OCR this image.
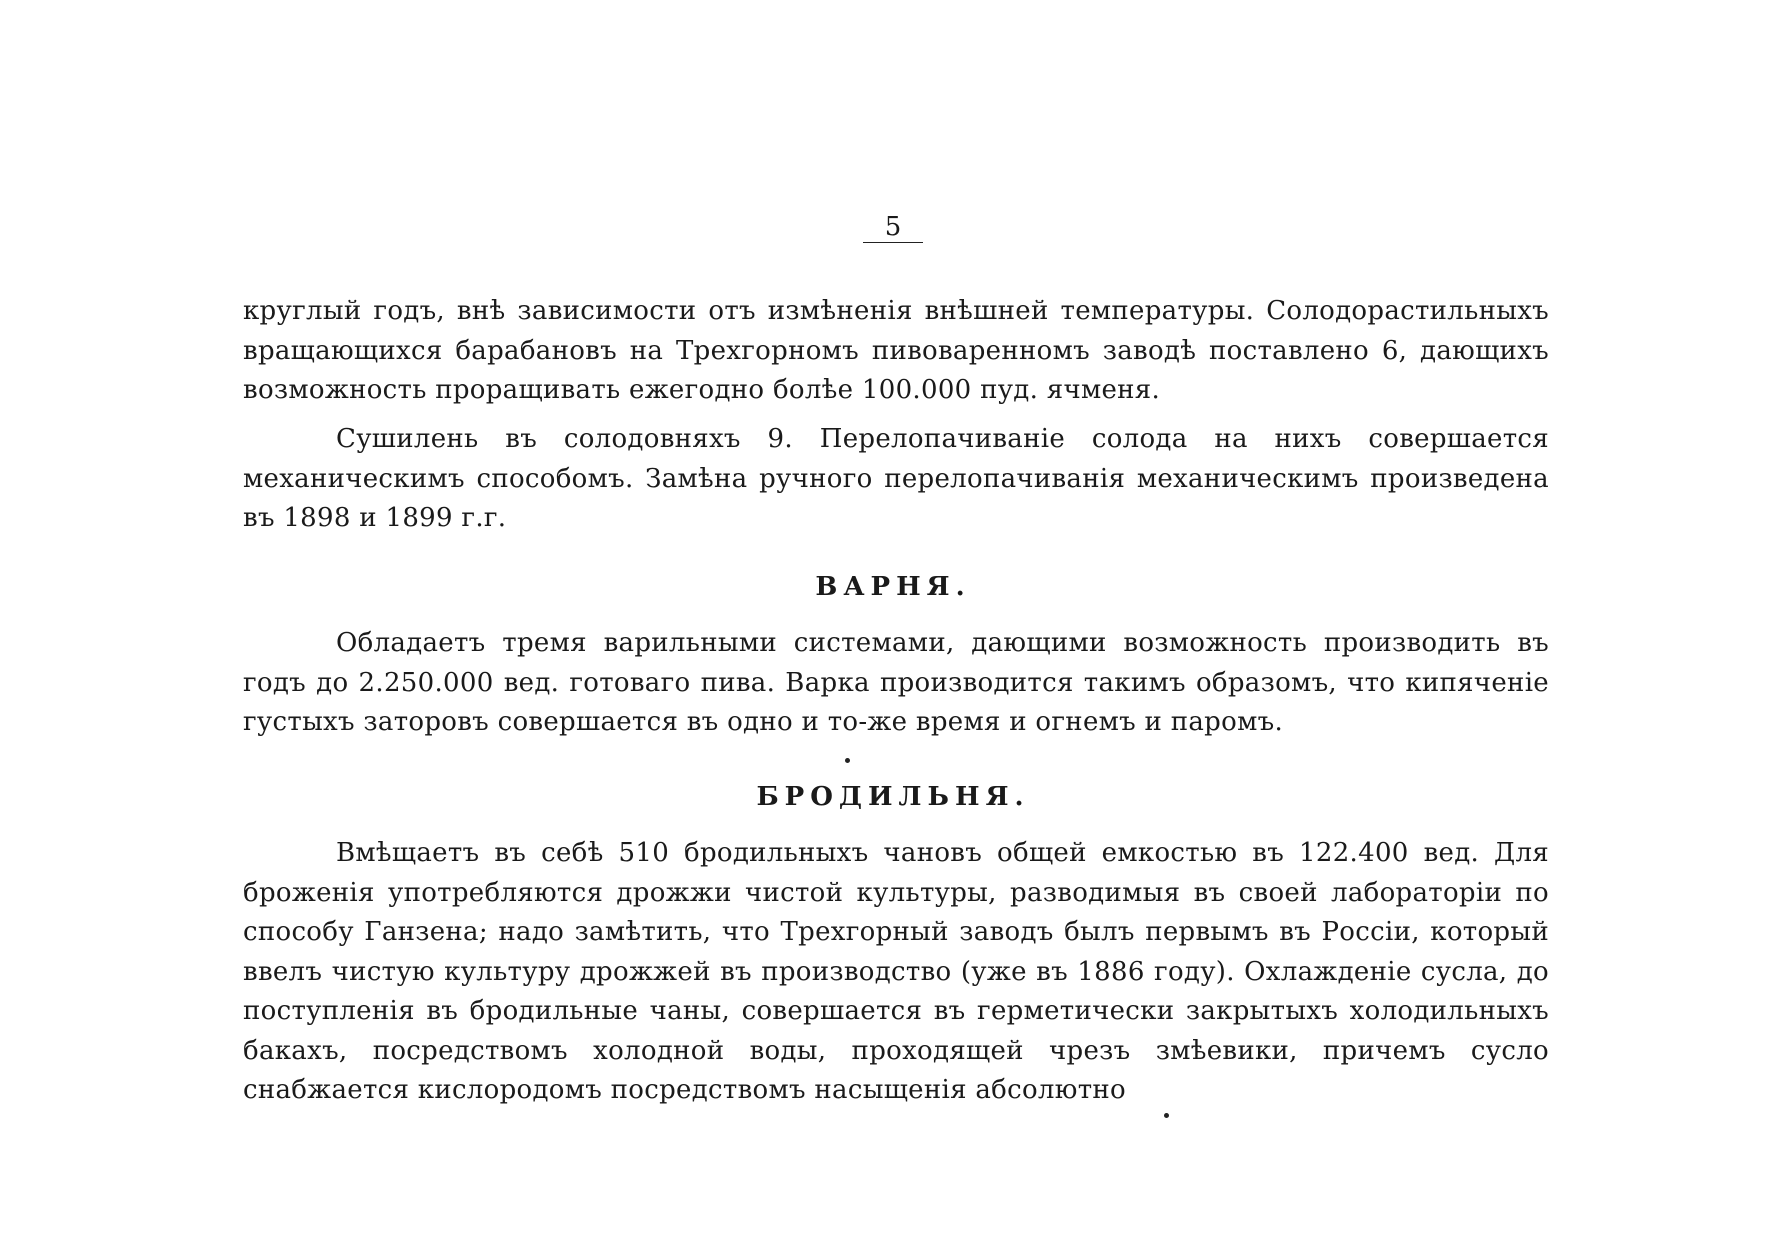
5

круглый годъ, внѣ зависимости отъ измѣненія внѣшней температуры. Солодорастильныхъ вращающихся барабановъ на Трехгорномъ пивоваренномъ заводѣ поставлено 6, дающихъ возможность проращивать ежегодно болѣе 100.000 пуд. ячменя.

Сушилень въ солодовняхъ 9. Перелопачиваніе солода на нихъ совершается механическимъ способомъ. Замѣна ручного перелопачиванія механическимъ произведена въ 1898 и 1899 г.г.

ВАРНЯ.

Обладаетъ тремя варильными системами, дающими возможность производить въ годъ до 2.250.000 вед. готоваго пива. Варка производится такимъ образомъ, что кипяченіе густыхъ заторовъ совершается въ одно и то-же время и огнемъ и паромъ.

БРОДИЛЬНЯ.

Вмѣщаетъ въ себѣ 510 бродильныхъ чановъ общей емкостью въ 122.400 вед. Для броженія употребляются дрожжи чистой культуры, разводимыя въ своей лабораторіи по способу Ганзена; надо замѣтить, что Трехгорный заводъ былъ первымъ въ Россіи, который ввелъ чистую культуру дрожжей въ производство (уже въ 1886 году). Охлажденіе сусла, до поступленія въ бродильные чаны, совершается въ герметически закрытыхъ холодильныхъ бакахъ, посредствомъ холодной воды, проходящей чрезъ змѣевики, причемъ сусло снабжается кислородомъ посредствомъ насыщенія абсолютно
